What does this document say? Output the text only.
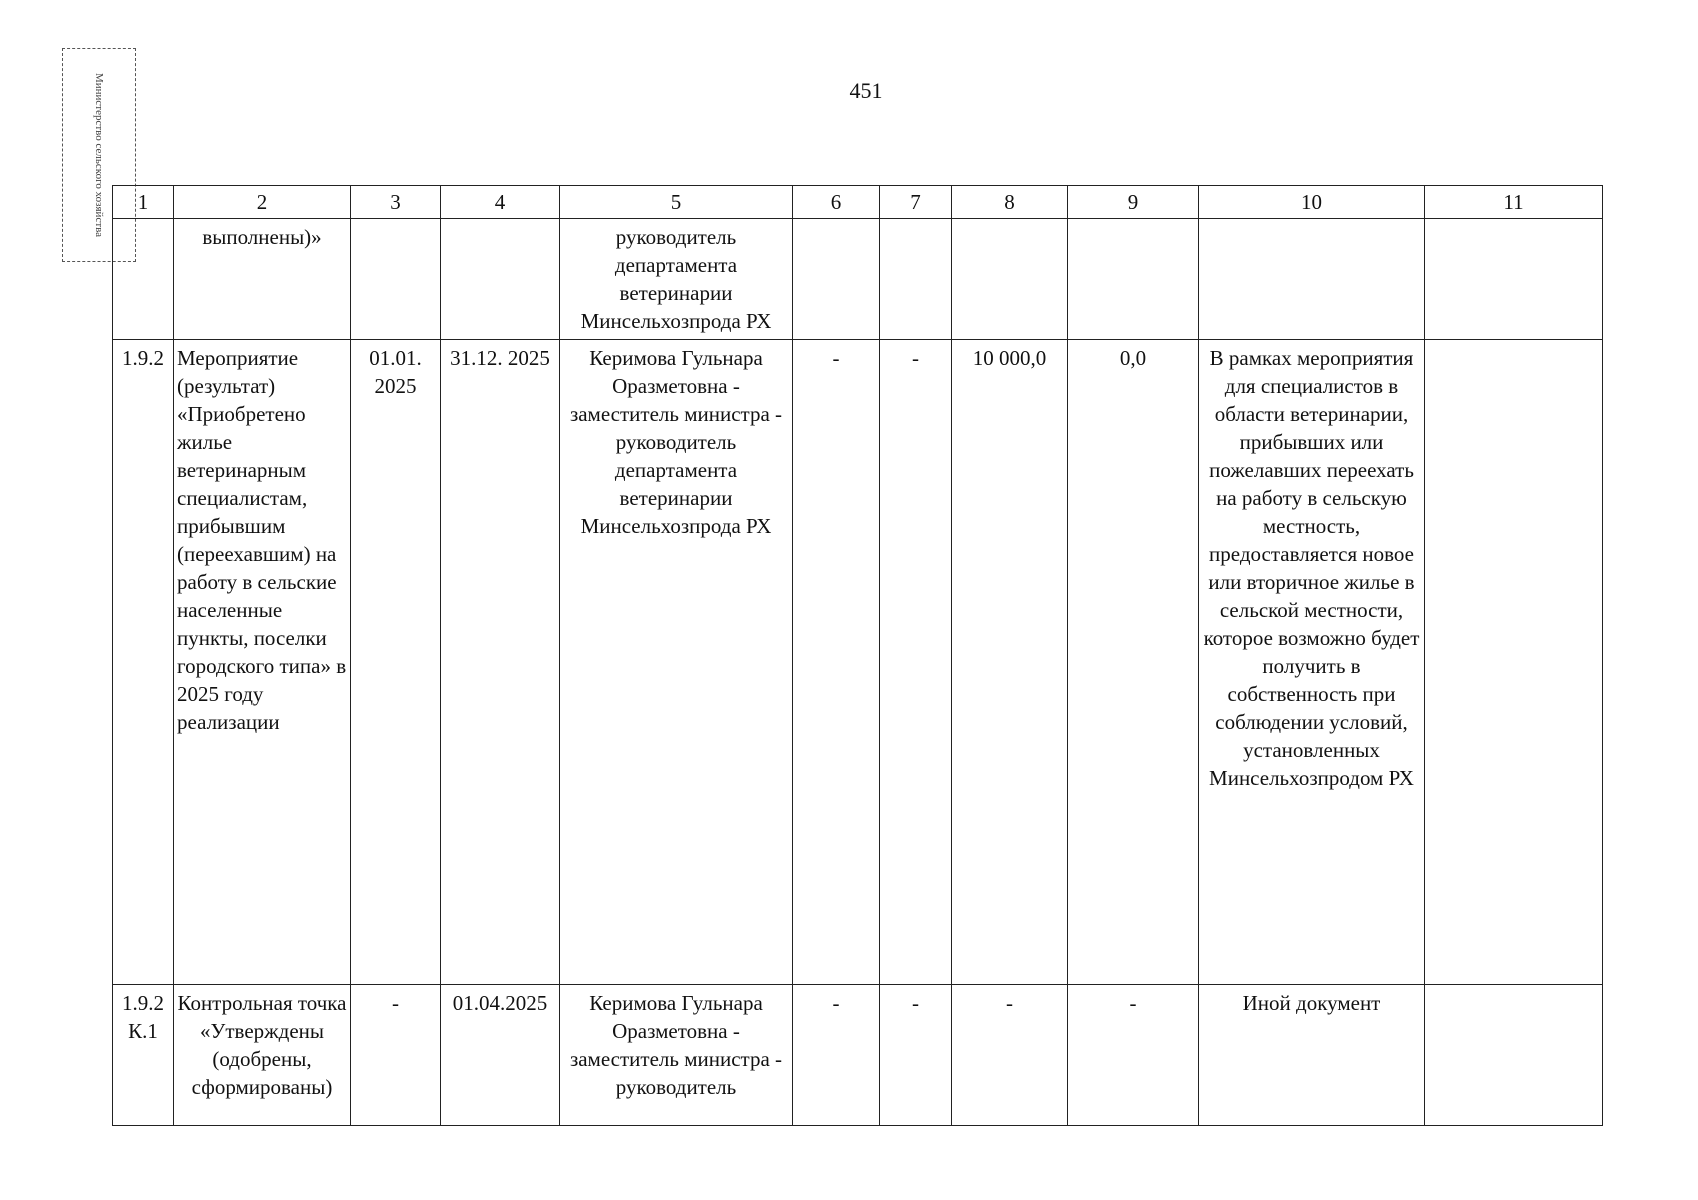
451
Министерство сельского хозяйства 1	2	3	4	5	6	7	8	9	10	11
	выполнены)»			руководитель департамента ветеринарии Минсельхозпрода РХ						
1.9.2	Мероприятие (результат) «Приобретено жилье ветеринарным специалистам, прибывшим (переехавшим) на работу в сельские населенные пункты, поселки городского типа» в 2025 году реализации	01.01. 2025	31.12. 2025	Керимова Гульнара Оразметовна - заместитель министра - руководитель департамента ветеринарии Минсельхозпрода РХ	-	-	10 000,0	0,0	В рамках мероприятия для специалистов в области ветеринарии, прибывших или пожелавших переехать на работу в сельскую местность, предоставляется новое или вторичное жилье в сельской местности, которое возможно будет получить в собственность при соблюдении условий, установленных Минсельхозпродом РХ	
1.9.2 К.1	Контрольная точка «Утверждены (одобрены, сформированы)	-	01.04.2025	Керимова Гульнара Оразметовна - заместитель министра - руководитель	-	-	-	-	Иной документ	
